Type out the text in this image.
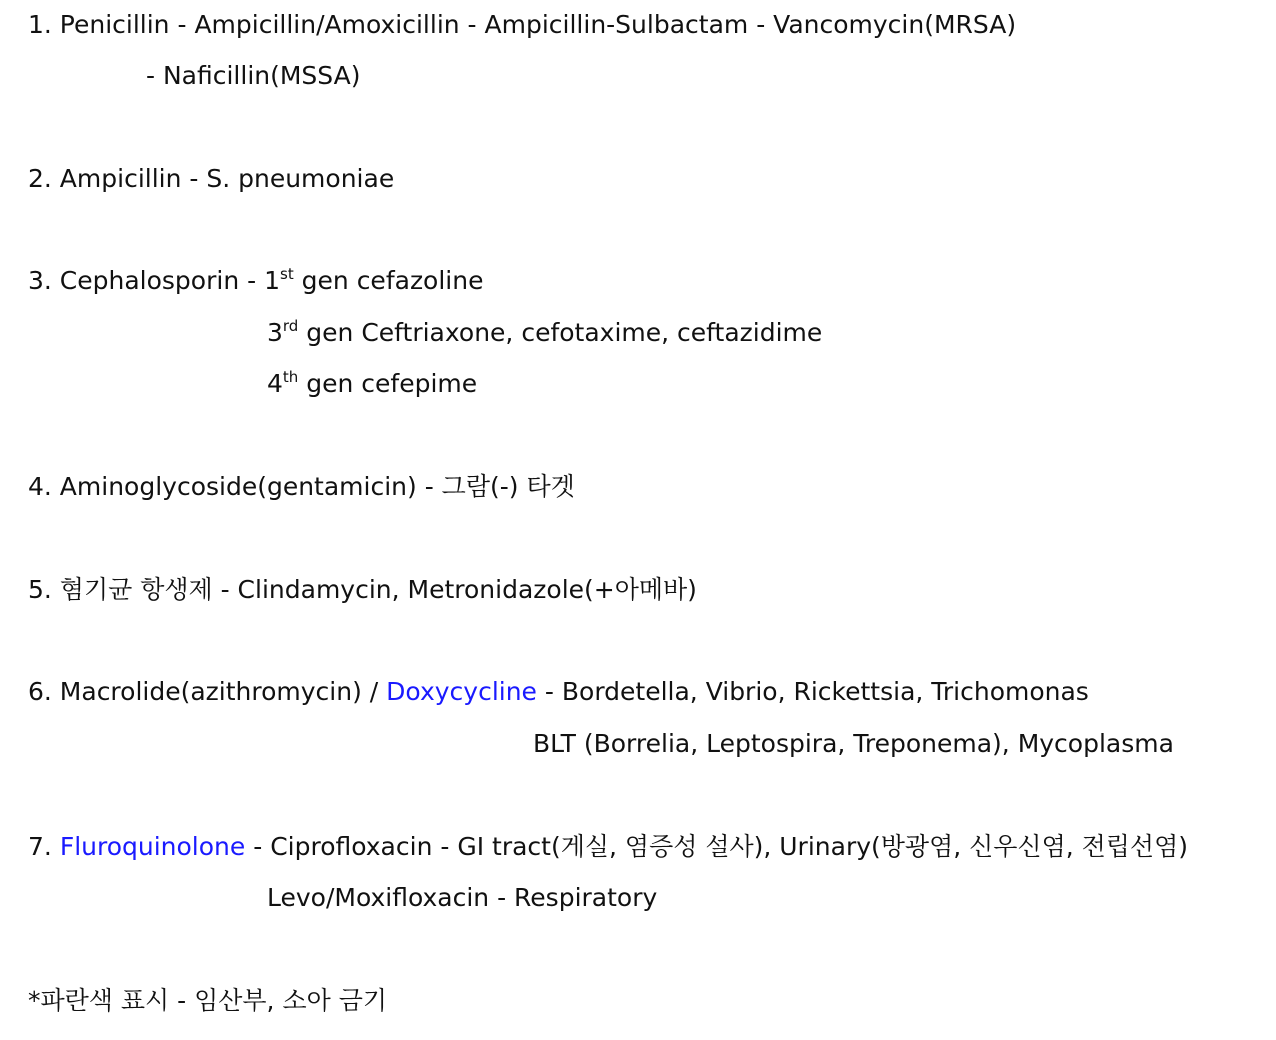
1. Penicillin - Ampicillin/Amoxicillin - Ampicillin-Sulbactam - Vancomycin(MRSA)
- Naficillin(MSSA)
2. Ampicillin - S. pneumoniae
3. Cephalosporin - 1st gen cefazoline
3rd gen Ceftriaxone, cefotaxime, ceftazidime
4th gen cefepime
4. Aminoglycoside(gentamicin) - 그람(-) 타겟
5. 혐기균 항생제 - Clindamycin, Metronidazole(+아메바)
6. Macrolide(azithromycin) / Doxycycline - Bordetella, Vibrio, Rickettsia, Trichomonas
BLT (Borrelia, Leptospira, Treponema), Mycoplasma
7. Fluroquinolone - Ciprofloxacin - GI tract(게실, 염증성 설사), Urinary(방광염, 신우신염, 전립선염)
Levo/Moxifloxacin - Respiratory
*파란색 표시 - 임산부, 소아 금기
